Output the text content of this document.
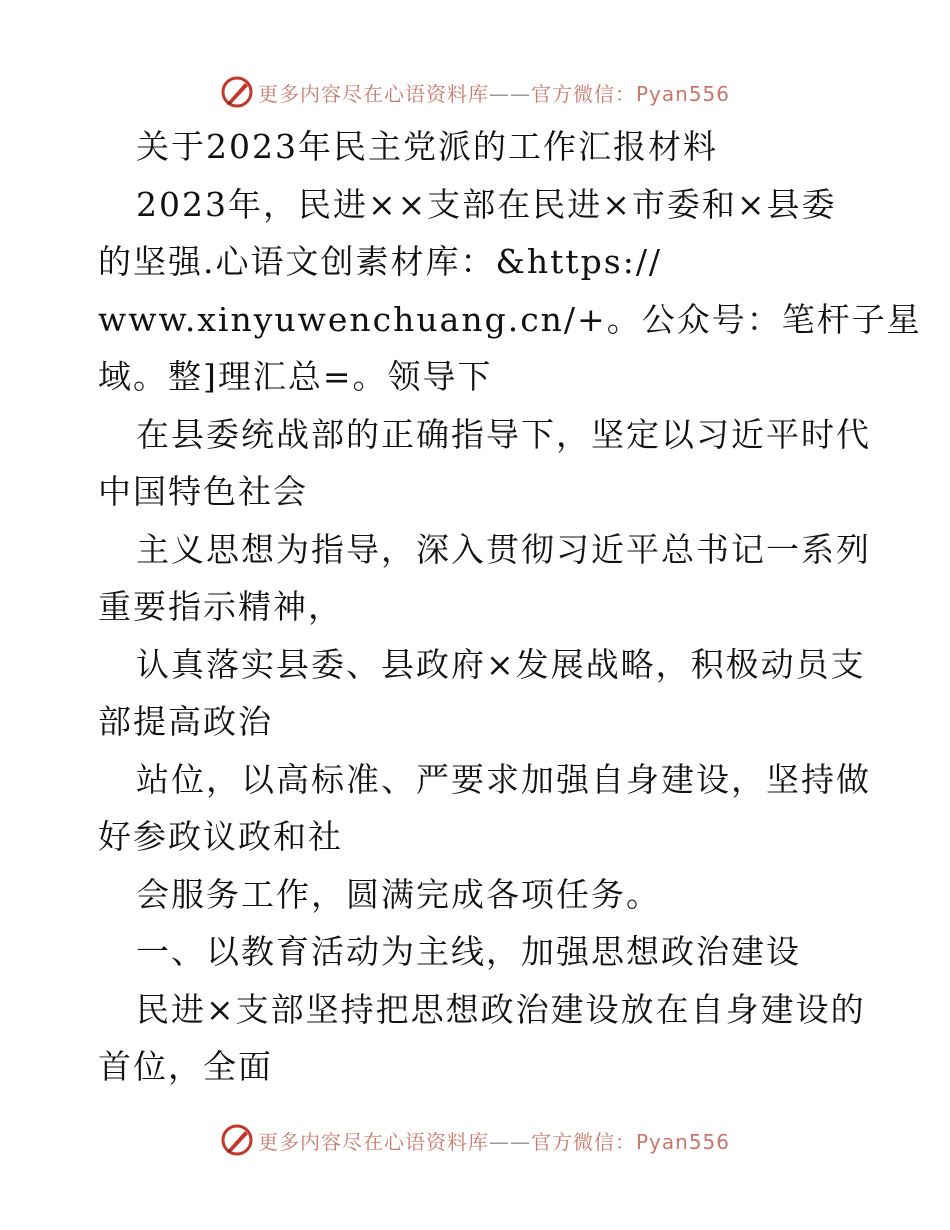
更多内容尽在心语资料库——官方微信：Pyan556

关于2023年民主党派的工作汇报材料

2023年，民进××支部在民进×市委和×县委

的坚强.心语文创素材库：&https://

www.xinyuwenchuang.cn/+。公众号：笔杆子星

域。整]理汇总=。领导下

在县委统战部的正确指导下，坚定以习近平时代

中国特色社会

主义思想为指导，深入贯彻习近平总书记一系列

重要指示精神，

认真落实县委、县政府×发展战略，积极动员支

部提高政治

站位，以高标准、严要求加强自身建设，坚持做

好参政议政和社

会服务工作，圆满完成各项任务。

一、以教育活动为主线，加强思想政治建设

民进×支部坚持把思想政治建设放在自身建设的

首位，全面

更多内容尽在心语资料库——官方微信：Pyan556
